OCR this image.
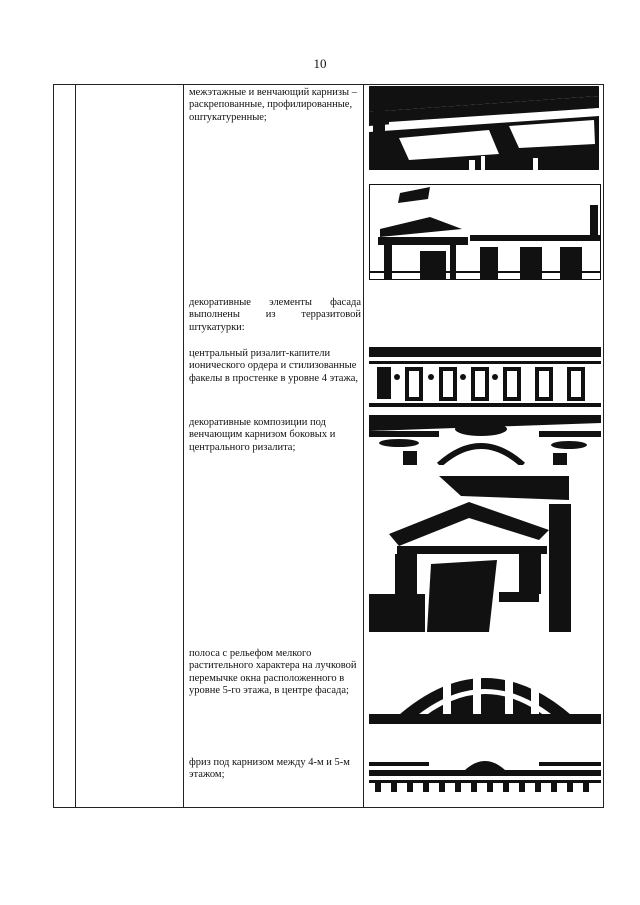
10
межэтажные и венчающий карнизы – раскрепованные, профилированные, оштукатуренные;
декоративные элементы фасада выполнены из терразитовой штукатурки:
центральный ризалит-капители ионического ордера и стилизованные факелы в простенке в уровне 4 этажа,
декоративные композиции под венчающим карнизом боковых и центрального ризалита;
полоса с рельефом мелкого растительного характера на лучковой перемычке окна расположенного в уровне 5-го этажа, в центре фасада;
фриз под карнизом между 4-м и 5-м этажом;
